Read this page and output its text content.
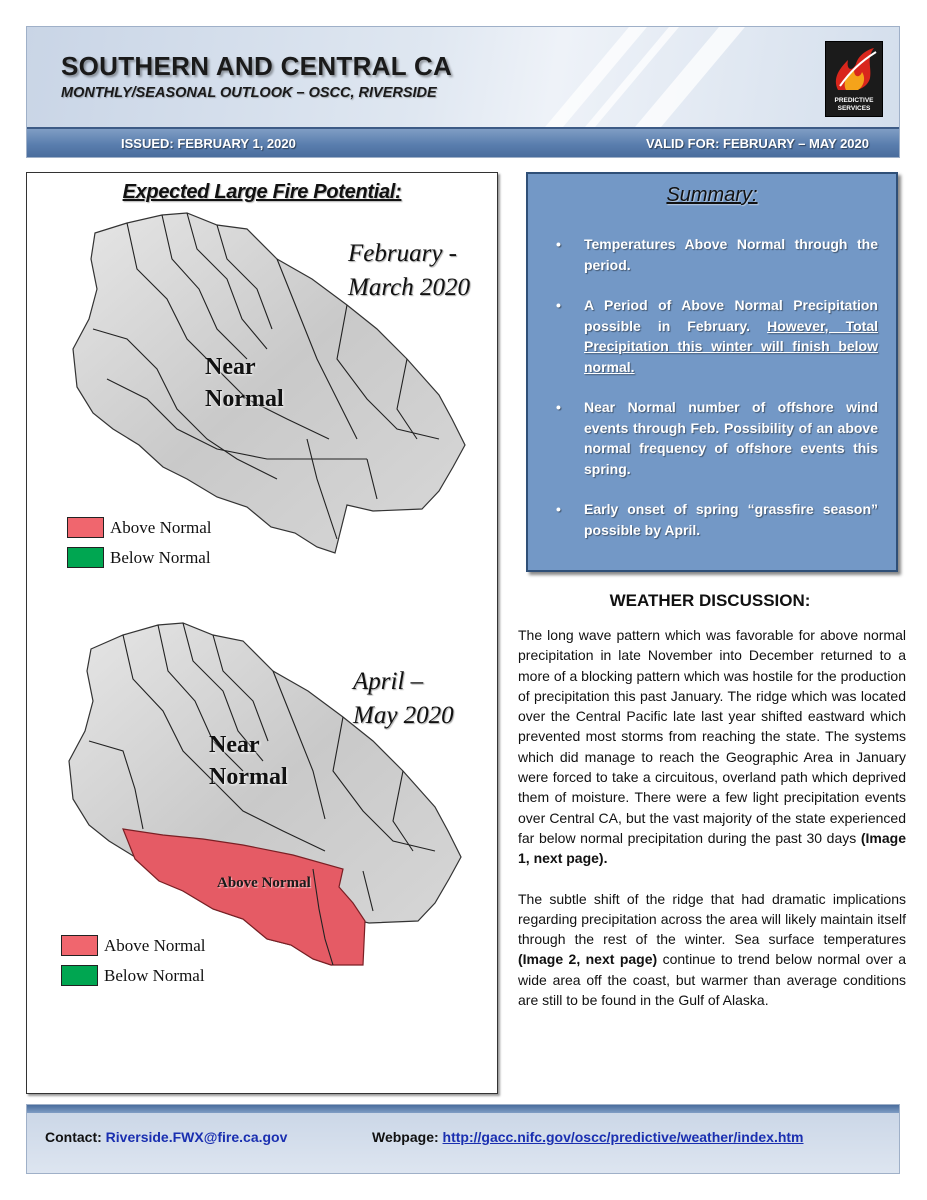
SOUTHERN AND CENTRAL CA
MONTHLY/SEASONAL OUTLOOK – OSCC, RIVERSIDE	PREDICTIVE
SERVICES
ISSUED: FEBRUARY 1, 2020	VALID FOR: FEBRUARY – MAY 2020
Expected Large Fire Potential:
February -
March 2020
Near
Normal
Above Normal
Below Normal
April –
May 2020
Near
Normal
Above Normal
Above Normal
Below Normal
Summary:
• Temperatures Above Normal through the period.
• A Period of Above Normal Precipitation possible in February. However, Total Precipitation this winter will finish below normal.
• Near Normal number of offshore wind events through Feb. Possibility of an above normal frequency of offshore events this spring.
• Early onset of spring “grassfire season” possible by April.
WEATHER DISCUSSION:

The long wave pattern which was favorable for above normal precipitation in late November into December returned to a more of a blocking pattern which was hostile for the production of precipitation this past January. The ridge which was located over the Central Pacific late last year shifted eastward which prevented most storms from reaching the state. The systems which did manage to reach the Geographic Area in January were forced to take a circuitous, overland path which deprived them of moisture. There were a few light precipitation events over Central CA, but the vast majority of the state experienced far below normal precipitation during the past 30 days (Image 1, next page).

The subtle shift of the ridge that had dramatic implications regarding precipitation across the area will likely maintain itself through the rest of the winter. Sea surface temperatures (Image 2, next page) continue to trend below normal over a wide area off the coast, but warmer than average conditions are still to be found in the Gulf of Alaska.

Contact: Riverside.FWX@fire.ca.gov	Webpage: http://gacc.nifc.gov/oscc/predictive/weather/index.htm
